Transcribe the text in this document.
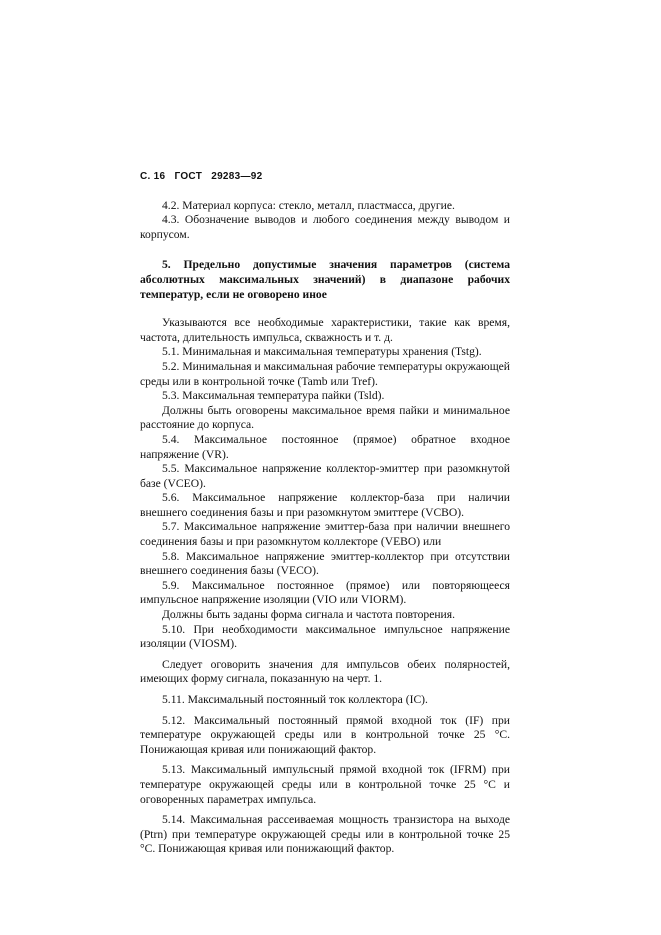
С. 16 ГОСТ 29283—92
4.2. Материал корпуса: стекло, металл, пластмасса, другие.
4.3. Обозначение выводов и любого соединения между выводом и корпусом.
5. Предельно допустимые значения параметров (система абсолютных максимальных значений) в диапазоне рабочих температур, если не оговорено иное
Указываются все необходимые характеристики, такие как время, частота, длительность импульса, скважность и т. д.
5.1. Минимальная и максимальная температуры хранения (Tstg).
5.2. Минимальная и максимальная рабочие температуры окружающей среды или в контрольной точке (Tamb или Tref).
5.3. Максимальная температура пайки (Tsld).
Должны быть оговорены максимальное время пайки и минимальное расстояние до корпуса.
5.4. Максимальное постоянное (прямое) обратное входное напряжение (VR).
5.5. Максимальное напряжение коллектор-эмиттер при разомкнутой базе (VCEO).
5.6. Максимальное напряжение коллектор-база при наличии внешнего соединения базы и при разомкнутом эмиттере (VCBO).
5.7. Максимальное напряжение эмиттер-база при наличии внешнего соединения базы и при разомкнутом коллекторе (VEBO) или
5.8. Максимальное напряжение эмиттер-коллектор при отсутствии внешнего соединения базы (VECO).
5.9. Максимальное постоянное (прямое) или повторяющееся импульсное напряжение изоляции (VIO или VIORM).
Должны быть заданы форма сигнала и частота повторения.
5.10. При необходимости максимальное импульсное напряжение изоляции (VIOSM).
Следует оговорить значения для импульсов обеих полярностей, имеющих форму сигнала, показанную на черт. 1.
5.11. Максимальный постоянный ток коллектора (IC).
5.12. Максимальный постоянный прямой входной ток (IF) при температуре окружающей среды или в контрольной точке 25 °С. Понижающая кривая или понижающий фактор.
5.13. Максимальный импульсный прямой входной ток (IFRM) при температуре окружающей среды или в контрольной точке 25 °С и оговоренных параметрах импульса.
5.14. Максимальная рассеиваемая мощность транзистора на выходе (Ptrn) при температуре окружающей среды или в контрольной точке 25 °С. Понижающая кривая или понижающий фактор.
